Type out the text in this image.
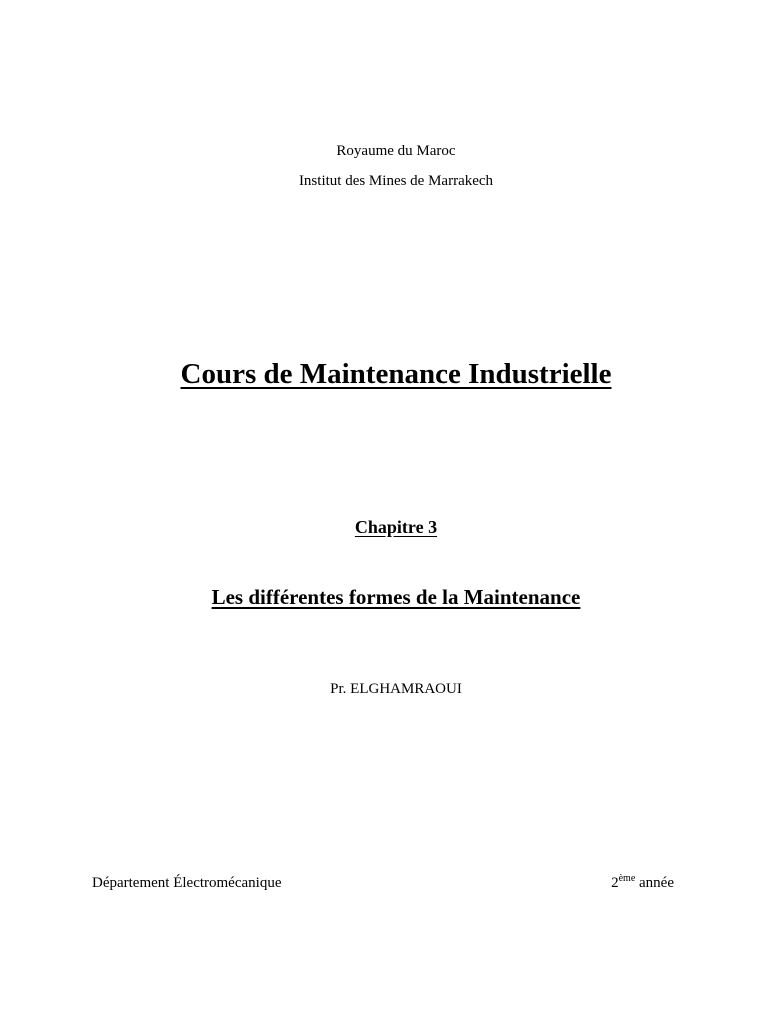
Royaume du Maroc
Institut des Mines de Marrakech
Cours de Maintenance Industrielle
Chapitre 3
Les différentes formes de la Maintenance
Pr. ELGHAMRAOUI
Département Électromécanique	2ème année
